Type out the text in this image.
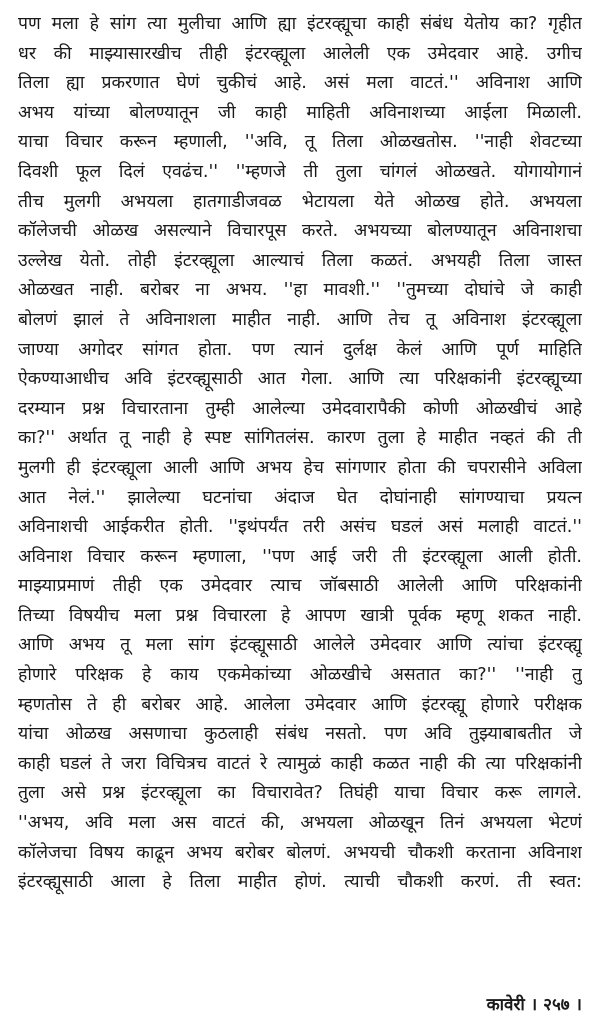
पण मला हे सांग त्या मुलीचा आणि ह्या इंटरव्ह्यूचा काही संबंध येतोय का? गृहीत
धर की माझ्यासारखीच तीही इंटरव्ह्यूला आलेली एक उमेदवार आहे. उगीच
तिला ह्या प्रकरणात घेणं चुकीचं आहे. असं मला वाटतं.'' अविनाश आणि
अभय यांच्या बोलण्यातून जी काही माहिती अविनाशच्या आईला मिळाली.
याचा विचार करून म्हणाली, ''अवि, तू तिला ओळखतोस. ''नाही शेवटच्या
दिवशी फूल दिलं एवढंच.'' ''म्हणजे ती तुला चांगलं ओळखते. योगायोगानं
तीच मुलगी अभयला हातगाडीजवळ भेटायला येते ओळख होते. अभयला
कॉलेजची ओळख असल्याने विचारपूस करते. अभयच्या बोलण्यातून अविनाशचा
उल्लेख येतो. तोही इंटरव्ह्यूला आल्याचं तिला कळतं. अभयही तिला जास्त
ओळखत नाही. बरोबर ना अभय. ''हा मावशी.'' ''तुमच्या दोघांचे जे काही
बोलणं झालं ते अविनाशला माहीत नाही. आणि तेच तू अविनाश इंटरव्ह्यूला
जाण्या अगोदर सांगत होता. पण त्यानं दुर्लक्ष केलं आणि पूर्ण माहिति
ऐकण्याआधीच अवि इंटरव्ह्यूसाठी आत गेला. आणि त्या परिक्षकांनी इंटरव्ह्यूच्या
दरम्यान प्रश्न विचारताना तुम्ही आलेल्या उमेदवारापैकी कोणी ओळखीचं आहे
का?'' अर्थात तू नाही हे स्पष्ट सांगितलंस. कारण तुला हे माहीत नव्हतं की ती
मुलगी ही इंटरव्ह्यूला आली आणि अभय हेच सांगणार होता की चपरासीने अविला
आत नेलं.'' झालेल्या घटनांचा अंदाज घेत दोघांनाही सांगण्याचा प्रयत्न
अविनाशची आईकरीत होती. ''इथंपर्यंत तरी असंच घडलं असं मलाही वाटतं.''
अविनाश विचार करून म्हणाला, ''पण आई जरी ती इंटरव्ह्यूला आली होती.
माझ्याप्रमाणं तीही एक उमेदवार त्याच जॉबसाठी आलेली आणि परिक्षकांनी
तिच्या विषयीच मला प्रश्न विचारला हे आपण खात्री पूर्वक म्हणू शकत नाही.
आणि अभय तू मला सांग इंटव्ह्यूसाठी आलेले उमेदवार आणि त्यांचा इंटरव्ह्यू
होणारे परिक्षक हे काय एकमेकांच्या ओळखीचे असतात का?'' ''नाही तु
म्हणतोस ते ही बरोबर आहे. आलेला उमेदवार आणि इंटरव्ह्यू होणारे परीक्षक
यांचा ओळख असणाचा कुठलाही संबंध नसतो. पण अवि तुझ्याबाबतीत जे
काही घडलं ते जरा विचित्रच वाटतं रे त्यामुळं काही कळत नाही की त्या परिक्षकांनी
तुला असे प्रश्न इंटरव्ह्यूला का विचारावेत? तिघंही याचा विचार करू लागले.
''अभय, अवि मला अस वाटतं की, अभयला ओळखून तिनं अभयला भेटणं
कॉलेजचा विषय काढून अभय बरोबर बोलणं. अभयची चौकशी करताना अविनाश
इंटरव्ह्यूसाठी आला हे तिला माहीत होणं. त्याची चौकशी करणं. ती स्वत:
कावेरी । २५७ ।
